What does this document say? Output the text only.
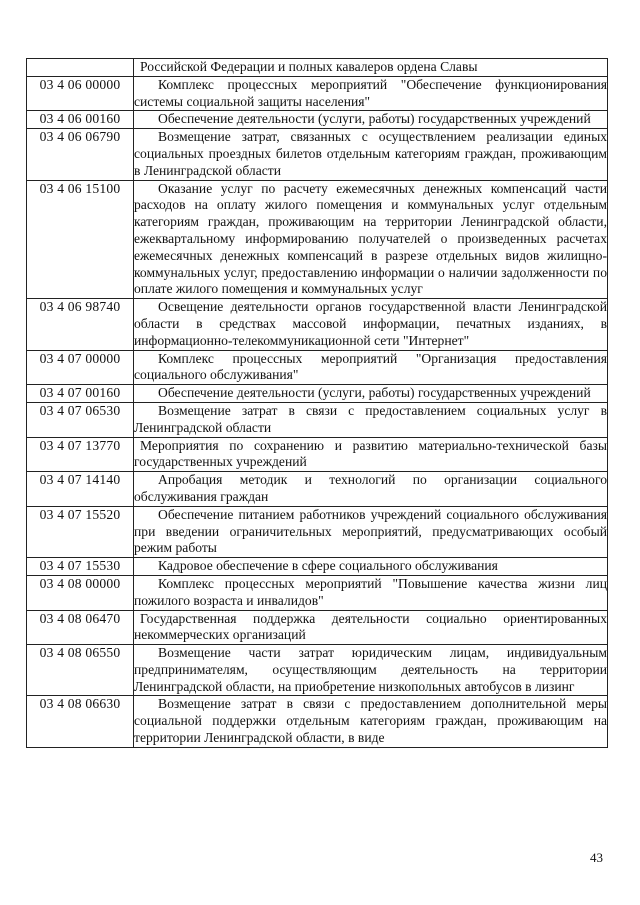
	Российской Федерации и полных кавалеров ордена Славы
03 4 06 00000	Комплекс процессных мероприятий "Обеспечение функционирования системы социальной защиты населения"
03 4 06 00160	Обеспечение деятельности (услуги, работы) государственных учреждений
03 4 06 06790	Возмещение затрат, связанных с осуществлением реализации единых социальных проездных билетов отдельным категориям граждан, проживающим в Ленинградской области
03 4 06 15100	Оказание услуг по расчету ежемесячных денежных компенсаций части расходов на оплату жилого помещения и коммунальных услуг отдельным категориям граждан, проживающим на территории Ленинградской области, ежеквартальному информированию получателей о произведенных расчетах ежемесячных денежных компенсаций в разрезе отдельных видов жилищно-коммунальных услуг, предоставлению информации о наличии задолженности по оплате жилого помещения и коммунальных услуг
03 4 06 98740	Освещение деятельности органов государственной власти Ленинградской области в средствах массовой информации, печатных изданиях, в информационно-телекоммуникационной сети "Интернет"
03 4 07 00000	Комплекс процессных мероприятий "Организация предоставления социального обслуживания"
03 4 07 00160	Обеспечение деятельности (услуги, работы) государственных учреждений
03 4 07 06530	Возмещение затрат в связи с предоставлением социальных услуг в Ленинградской области
03 4 07 13770	Мероприятия по сохранению и развитию материально-технической базы государственных учреждений
03 4 07 14140	Апробация методик и технологий по организации социального обслуживания граждан
03 4 07 15520	Обеспечение питанием работников учреждений социального обслуживания при введении ограничительных мероприятий, предусматривающих особый режим работы
03 4 07 15530	Кадровое обеспечение в сфере социального обслуживания
03 4 08 00000	Комплекс процессных мероприятий "Повышение качества жизни лиц пожилого возраста и инвалидов"
03 4 08 06470	Государственная поддержка деятельности социально ориентированных некоммерческих организаций
03 4 08 06550	Возмещение части затрат юридическим лицам, индивидуальным предпринимателям, осуществляющим деятельность на территории Ленинградской области, на приобретение низкопольных автобусов в лизинг
03 4 08 06630	Возмещение затрат в связи с предоставлением дополнительной меры социальной поддержки отдельным категориям граждан, проживающим на территории Ленинградской области, в виде
43
